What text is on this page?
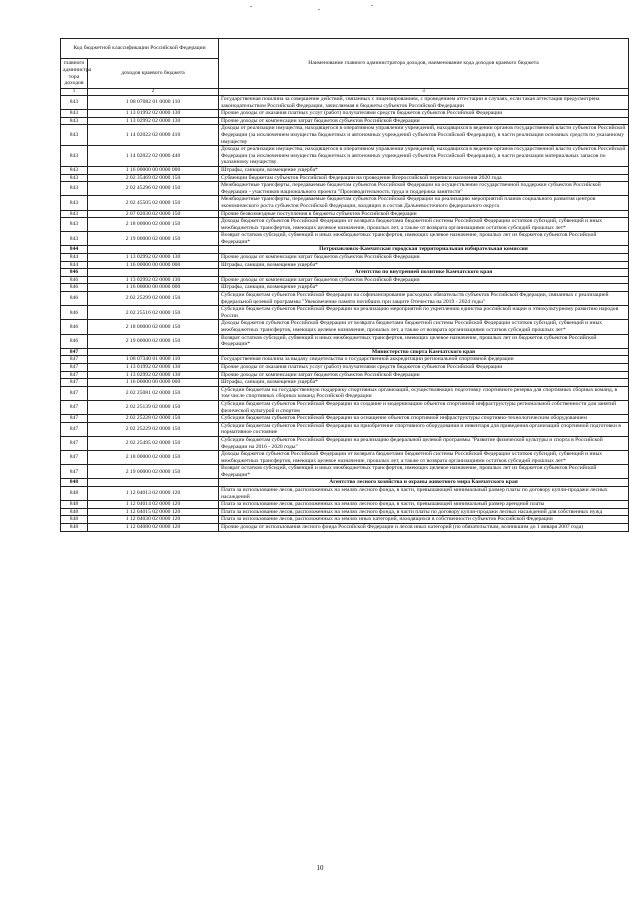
Код бюджетной классификации Российской Федерации		Наименование главного администратора доходов, наименование кода доходов краевого бюджета
главного администра тора доходов	доходов краевого бюджета	
1	2	3
843	1 08 07082 01 0000 110	Государственная пошлина за совершение действий, связанных с лицензированием, с проведением аттестации в случаях, если такая аттестация предусмотрена законодательством Российской Федерации, зачисляемая в бюджеты субъектов Российской Федерации
843	1 13 01992 02 0000 130	Прочие доходы от оказания платных услуг (работ) получателями средств бюджетов субъектов Российской Федерации
843	1 13 02992 02 0000 130	Прочие доходы от компенсации затрат бюджетов субъектов Российской Федерации
843	1 14 02022 02 0000 410	Доходы от реализации имущества, находящегося в оперативном управлении учреждений, находящихся в ведении органов государственной власти субъектов Российской Федерации (за исключением имущества бюджетных и автономных учреждений субъектов Российской Федерации), в части реализации основных средств по указанному имуществу
843	1 14 02022 02 0000 440	Доходы от реализации имущества, находящегося в оперативном управлении учреждений, находящихся в ведении органов государственной власти субъектов Российской Федерации (за исключением имущества бюджетных и автономных учреждений субъектов Российской Федерации), в части реализации материальных запасов по указанному имуществу
843	1 16 00000 00 0000 000	Штрафы, санкции, возмещение ущерба*
843	2 02 35469 02 0000 150	Субвенции бюджетам субъектов Российской Федерации на проведение Всероссийской переписи населения 2020 года
843	2 02 45296 02 0000 150	Межбюджетные трансферты, передаваемые бюджетам субъектов Российской Федерации на осуществление государственной поддержки субъектов Российской Федерации - участников национального проекта "Производительность труда и поддержка занятости"
843	2 02 45505 02 0000 150	Межбюджетные трансферты, передаваемые бюджетам субъектов Российской Федерации на реализацию мероприятий планов социального развития центров экономического роста субъектов Российской Федерации, входящих в состав Дальневосточного федерального округа
843	2 07 02030 02 0000 150	Прочие безвозмездные поступления в бюджеты субъектов Российской Федерации
843	2 18 00000 02 0000 150	Доходы бюджетов субъектов Российской Федерации от возврата бюджетами бюджетной системы Российской Федерации остатков субсидий, субвенций и иных межбюджетных трансфертов, имеющих целевое назначение, прошлых лет, а также от возврата организациями остатков субсидий прошлых лет*
843	2 19 00000 02 0000 150	Возврат остатков субсидий, субвенций и иных межбюджетных трансфертов, имеющих целевое назначение, прошлых лет из бюджетов субъектов Российской Федерации*
844		Петропавловск-Камчатская городская территориальная избирательная комиссия
844	1 13 02992 02 0000 130	Прочие доходы от компенсации затрат бюджетов субъектов Российской Федерации
844	1 16 00000 00 0000 000	Штрафы, санкции, возмещение ущерба*
846		Агентство по внутренней политике Камчатского края
846	1 13 02992 02 0000 130	Прочие доходы от компенсации затрат бюджетов субъектов Российской Федерации
846	1 16 00000 00 0000 000	Штрафы, санкции, возмещение ущерба*
846	2 02 25299 02 0000 150	Субсидии бюджетам субъектов Российской Федерации на софинансирование расходных обязательств субъектов Российской Федерации, связанных с реализацией федеральной целевой программы "Увековечение памяти погибших при защите Отечества на 2019 - 2024 годы"
846	2 02 25516 02 0000 150	Субсидии бюджетам субъектов Российской Федерации на реализацию мероприятий по укреплению единства российской нации и этнокультурному развитию народов России
846	2 18 00000 02 0000 150	Доходы бюджетов субъектов Российской Федерации от возврата бюджетами бюджетной системы Российской Федерации остатков субсидий, субвенций и иных межбюджетных трансфертов, имеющих целевое назначение, прошлых лет, а также от возврата организациями остатков субсидий прошлых лет*
846	2 19 00000 02 0000 150	Возврат остатков субсидий, субвенций и иных межбюджетных трансфертов, имеющих целевое назначение, прошлых лет из бюджетов субъектов Российской Федерации*
847		Министерство спорта Камчатского края
847	1 08 07340 01 0000 110	Государственная пошлина за выдачу свидетельства о государственной аккредитации региональной спортивной федерации
847	1 13 01992 02 0000 130	Прочие доходы от оказания платных услуг (работ) получателями средств бюджетов субъектов Российской Федерации
847	1 13 02992 02 0000 130	Прочие доходы от компенсации затрат бюджетов субъектов Российской Федерации
847	1 16 00000 00 0000 000	Штрафы, санкции, возмещение ущерба*
847	2 02 25081 02 0000 150	Субсидии бюджетам на государственную поддержку спортивных организаций, осуществляющих подготовку спортивного резерва для спортивных сборных команд, в том числе спортивных сборных команд Российской Федерации
847	2 02 25139 02 0000 150	Субсидии бюджетам субъектов Российской Федерации на создание и модернизацию объектов спортивной инфраструктуры региональной собственности для занятий физической культурой и спортом
847	2 02 25228 02 0000 150	Субсидии бюджетам субъектов Российской Федерации на оснащение объектов спортивной инфраструктуры спортивно-технологическим оборудованием
847	2 02 25229 02 0000 150	Субсидии бюджетам субъектов Российской Федерации на приобретение спортивного оборудования и инвентаря для приведения организаций спортивной подготовки в нормативное состояние
847	2 02 25495 02 0000 150	Субсидии бюджетам субъектов Российской Федерации на реализацию федеральной целевой программы "Развитие физической культуры и спорта в Российской Федерации на 2016 - 2020 годы"
847	2 18 00000 02 0000 150	Доходы бюджетов субъектов Российской Федерации от возврата бюджетами бюджетной системы Российской Федерации остатков субсидий, субвенций и иных межбюджетных трансфертов, имеющих целевое назначение, прошлых лет, а также от возврата организациями остатков субсидий прошлых лет*
847	2 19 00000 02 0000 150	Возврат остатков субсидий, субвенций и иных межбюджетных трансфертов, имеющих целевое назначение, прошлых лет из бюджетов субъектов Российской Федерации*
848		Агентство лесного хозяйства и охраны животного мира Камчатского края
848	1 12 04013 02 0000 120	Плата за использование лесов, расположенных на землях лесного фонда, в части, превышающей минимальный размер платы по договору купли-продажи лесных насаждений
848	1 12 04014 02 0000 120	Плата за использование лесов, расположенных на землях лесного фонда, в части, превышающей минимальный размер арендной платы
848	1 12 04015 02 0000 120	Плата за использование лесов, расположенных на землях лесного фонда, в части платы по договору купли-продажи лесных насаждений для собственных нужд
848	1 12 04030 02 0000 120	Плата за использование лесов, расположенных на землях иных категорий, находящихся в собственности субъектов Российской Федерации
848	1 12 04080 02 0000 120	Прочие доходы от использования лесного фонда Российской Федерации и лесов иных категорий (по обязательствам, возникшим до 1 января 2007 года)
10
